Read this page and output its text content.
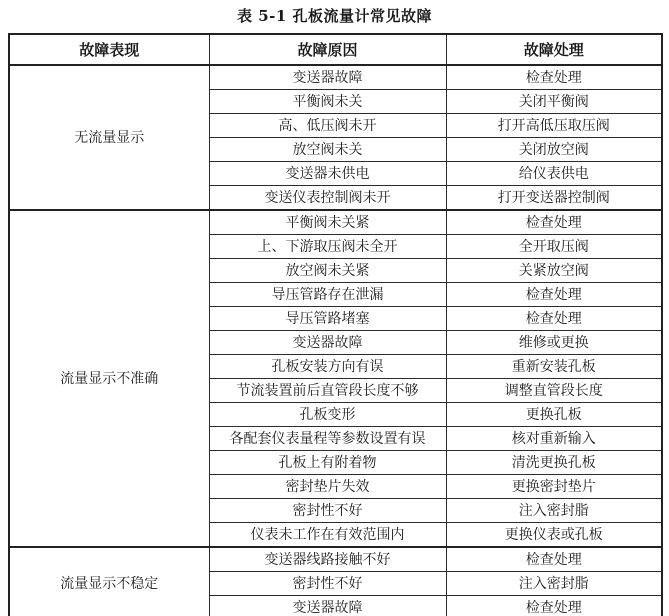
表 5-1 孔板流量计常见故障
故障表现	故障原因	故障处理
无流量显示	变送器故障	检查处理
	平衡阀未关	关闭平衡阀
	高、低压阀未开	打开高低压取压阀
	放空阀未关	关闭放空阀
	变送器未供电	给仪表供电
	变送仪表控制阀未开	打开变送器控制阀
流量显示不准确	平衡阀未关紧	检查处理
	上、下游取压阀未全开	全开取压阀
	放空阀未关紧	关紧放空阀
	导压管路存在泄漏	检查处理
	导压管路堵塞	检查处理
	变送器故障	维修或更换
	孔板安装方向有误	重新安装孔板
	节流装置前后直管段长度不够	调整直管段长度
	孔板变形	更换孔板
	各配套仪表量程等参数设置有误	核对重新输入
	孔板上有附着物	清洗更换孔板
	密封垫片失效	更换密封垫片
	密封性不好	注入密封脂
	仪表未工作在有效范围内	更换仪表或孔板
流量显示不稳定	变送器线路接触不好	检查处理
	密封性不好	注入密封脂
	变送器故障	检查处理
